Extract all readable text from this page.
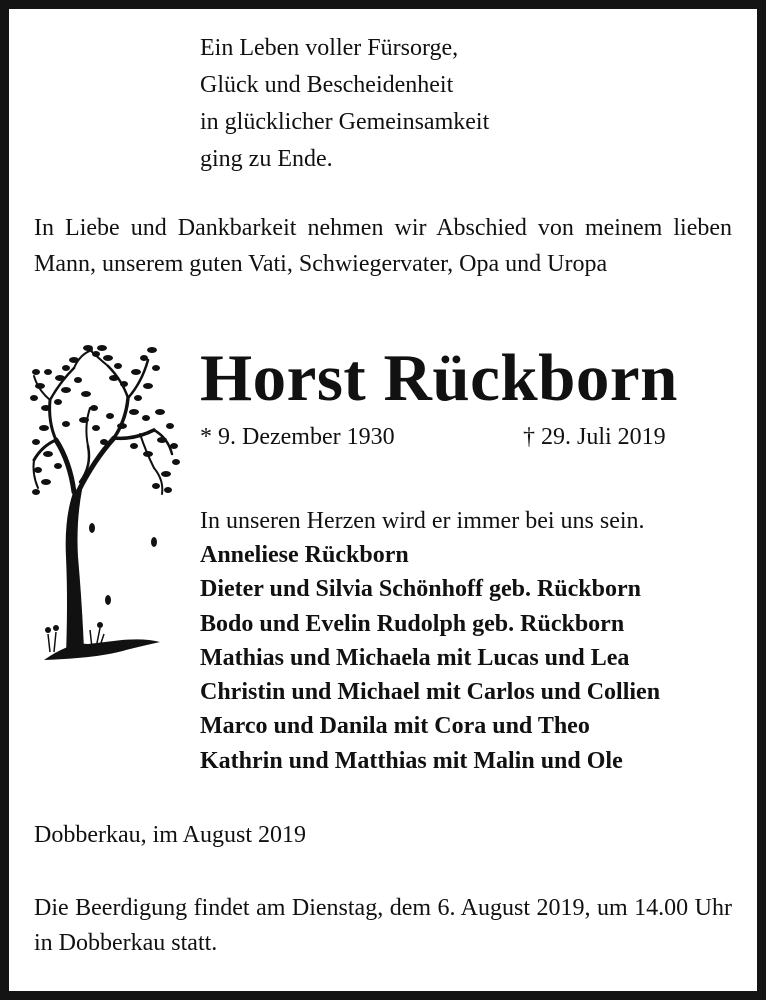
Ein Leben voller Fürsorge,
Glück und Bescheidenheit
in glücklicher Gemeinsamkeit
ging zu Ende.
In Liebe und Dankbarkeit nehmen wir Abschied von meinem lieben Mann, unserem guten Vati, Schwiegervater, Opa und Uropa
Horst Rückborn
* 9. Dezember 1930	† 29. Juli 2019
In unseren Herzen wird er immer bei uns sein.
Anneliese Rückborn
Dieter und Silvia Schönhoff geb. Rückborn
Bodo und Evelin Rudolph geb. Rückborn
Mathias und Michaela mit Lucas und Lea
Christin und Michael mit Carlos und Collien
Marco und Danila mit Cora und Theo
Kathrin und Matthias mit Malin und Ole
Dobberkau, im August 2019
Die Beerdigung findet am Dienstag, dem 6. August 2019, um 14.00 Uhr in Dobberkau statt.
